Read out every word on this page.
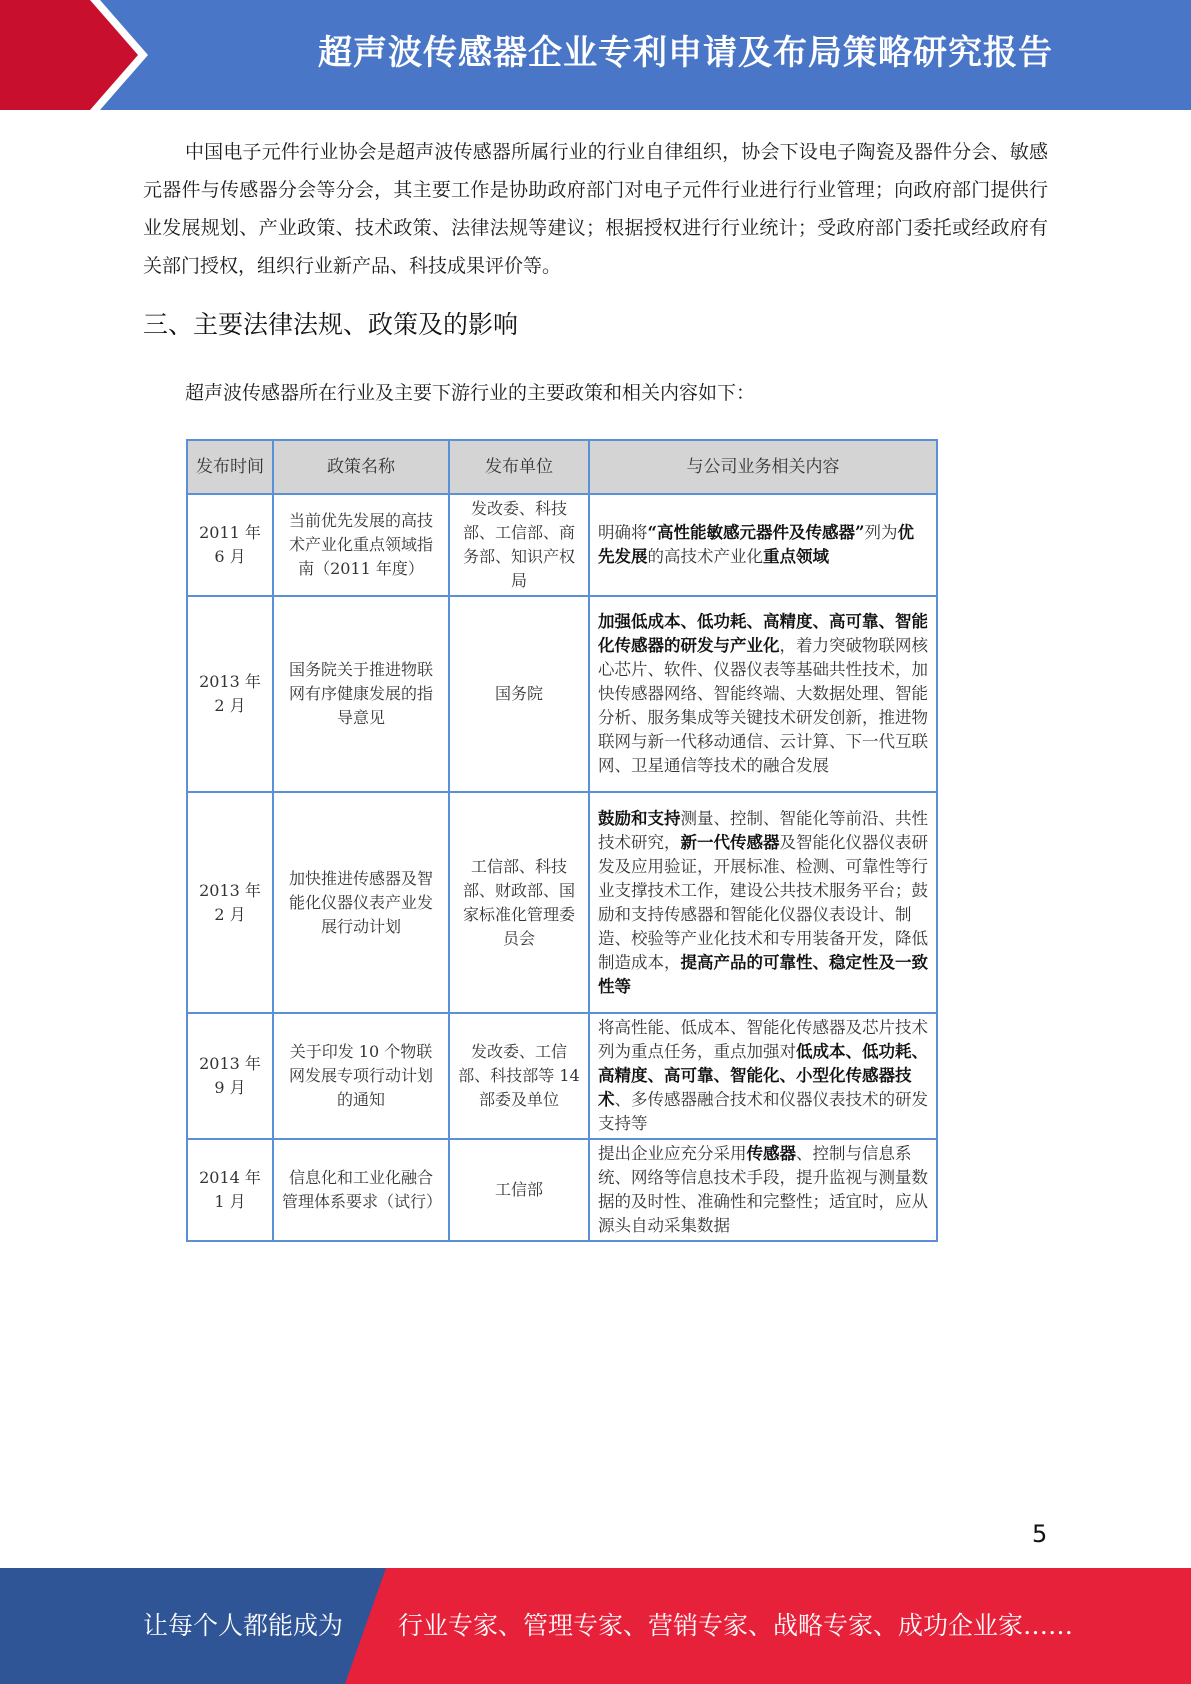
超声波传感器企业专利申请及布局策略研究报告

中国电子元件行业协会是超声波传感器所属行业的行业自律组织，协会下设电子陶瓷及器件分会、敏感元器件与传感器分会等分会，其主要工作是协助政府部门对电子元件行业进行行业管理；向政府部门提供行业发展规划、产业政策、技术政策、法律法规等建议；根据授权进行行业统计；受政府部门委托或经政府有关部门授权，组织行业新产品、科技成果评价等。

三、主要法律法规、政策及的影响

超声波传感器所在行业及主要下游行业的主要政策和相关内容如下：

发布时间	政策名称	发布单位	与公司业务相关内容
2011 年 6 月	当前优先发展的高技术产业化重点领域指南（2011 年度）	发改委、科技部、工信部、商务部、知识产权局	明确将“高性能敏感元器件及传感器”列为优先发展的高技术产业化重点领域
2013 年 2 月	国务院关于推进物联网有序健康发展的指导意见	国务院	加强低成本、低功耗、高精度、高可靠、智能化传感器的研发与产业化，着力突破物联网核心芯片、软件、仪器仪表等基础共性技术，加快传感器网络、智能终端、大数据处理、智能分析、服务集成等关键技术研发创新，推进物联网与新一代移动通信、云计算、下一代互联网、卫星通信等技术的融合发展
2013 年 2 月	加快推进传感器及智能化仪器仪表产业发展行动计划	工信部、科技部、财政部、国家标准化管理委员会	鼓励和支持测量、控制、智能化等前沿、共性技术研究，新一代传感器及智能化仪器仪表研发及应用验证，开展标准、检测、可靠性等行业支撑技术工作，建设公共技术服务平台；鼓励和支持传感器和智能化仪器仪表设计、制造、校验等产业化技术和专用装备开发，降低制造成本，提高产品的可靠性、稳定性及一致性等
2013 年 9 月	关于印发 10 个物联网发展专项行动计划的通知	发改委、工信部、科技部等 14 部委及单位	将高性能、低成本、智能化传感器及芯片技术列为重点任务，重点加强对低成本、低功耗、高精度、高可靠、智能化、小型化传感器技术、多传感器融合技术和仪器仪表技术的研发支持等
2014 年 1 月	信息化和工业化融合管理体系要求（试行）	工信部	提出企业应充分采用传感器、控制与信息系统、网络等信息技术手段，提升监视与测量数据的及时性、准确性和完整性；适宜时，应从源头自动采集数据
5
让每个人都能成为 行业专家、管理专家、营销专家、战略专家、成功企业家……
